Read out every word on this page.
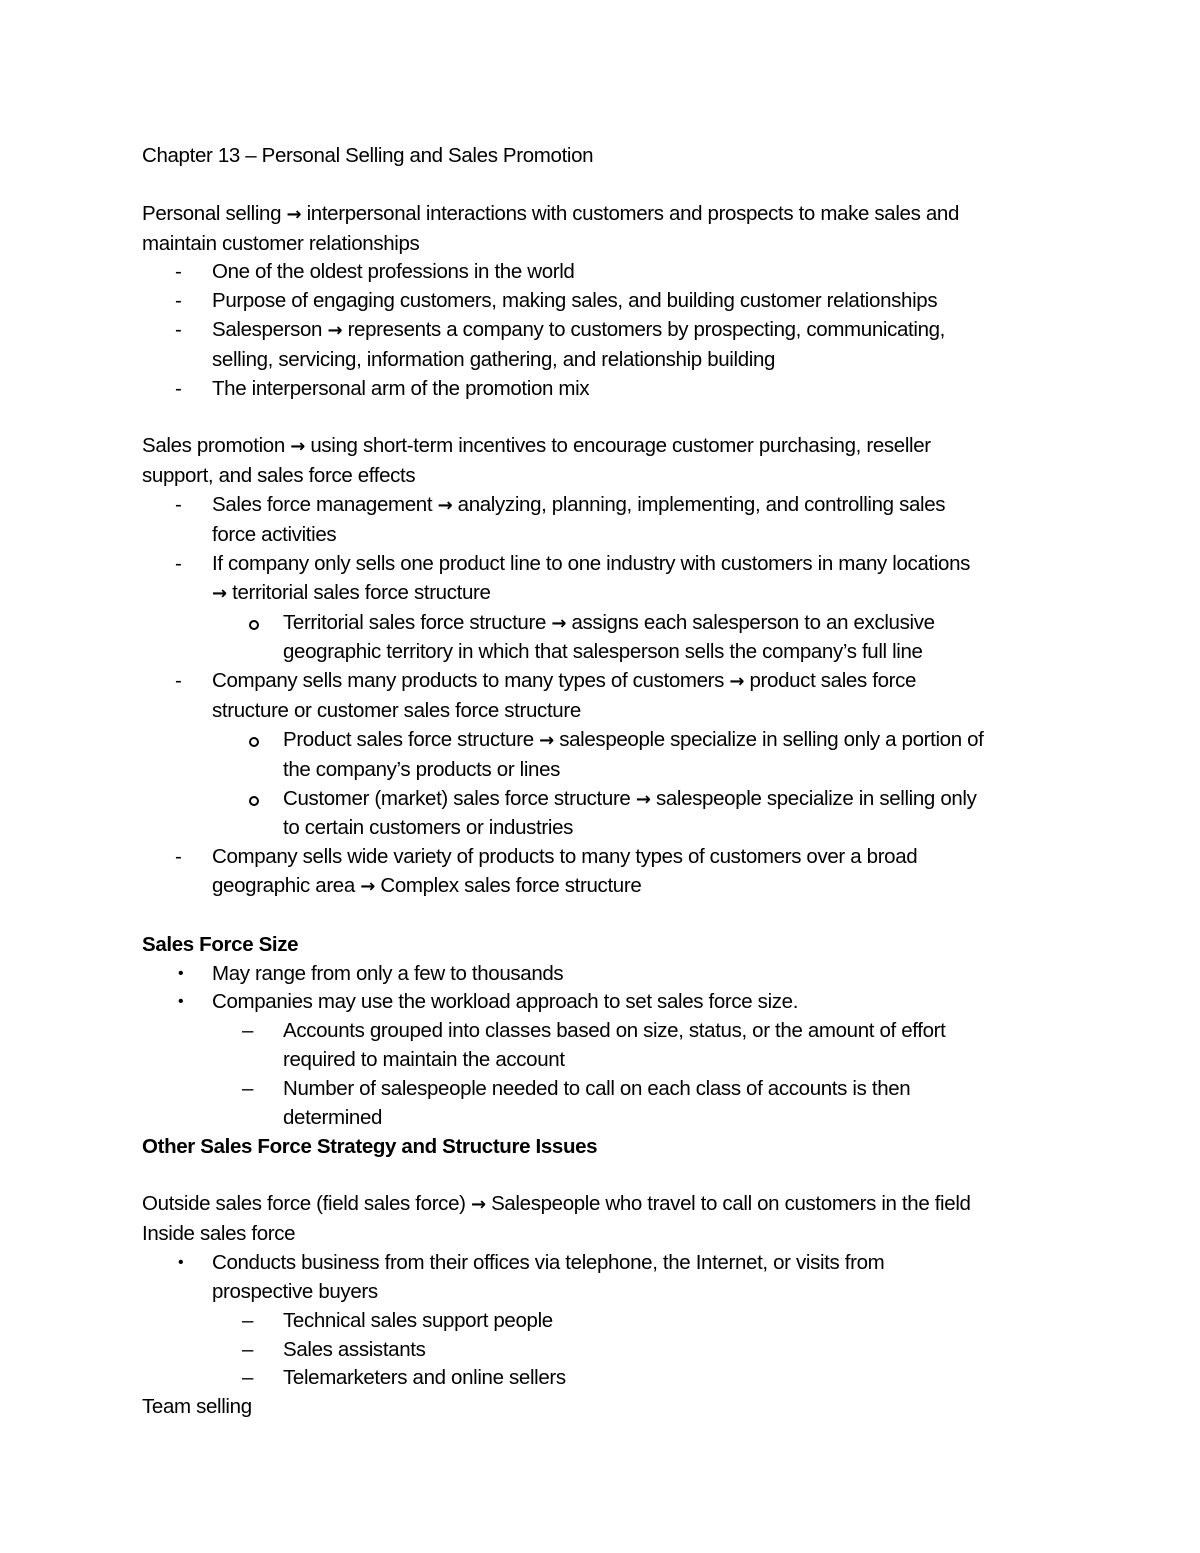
Chapter 13 – Personal Selling and Sales Promotion
Personal selling → interpersonal interactions with customers and prospects to make sales and
maintain customer relationships
- One of the oldest professions in the world
- Purpose of engaging customers, making sales, and building customer relationships
- Salesperson → represents a company to customers by prospecting, communicating,
selling, servicing, information gathering, and relationship building
- The interpersonal arm of the promotion mix
Sales promotion → using short-term incentives to encourage customer purchasing, reseller
support, and sales force effects
- Sales force management → analyzing, planning, implementing, and controlling sales
force activities
- If company only sells one product line to one industry with customers in many locations
→ territorial sales force structure
Territorial sales force structure → assigns each salesperson to an exclusive
geographic territory in which that salesperson sells the company’s full line
- Company sells many products to many types of customers → product sales force
structure or customer sales force structure
Product sales force structure → salespeople specialize in selling only a portion of
the company’s products or lines
Customer (market) sales force structure → salespeople specialize in selling only
to certain customers or industries
- Company sells wide variety of products to many types of customers over a broad
geographic area → Complex sales force structure
Sales Force Size
• May range from only a few to thousands
• Companies may use the workload approach to set sales force size.
– Accounts grouped into classes based on size, status, or the amount of effort
required to maintain the account
– Number of salespeople needed to call on each class of accounts is then
determined
Other Sales Force Strategy and Structure Issues
Outside sales force (field sales force) → Salespeople who travel to call on customers in the field
Inside sales force
• Conducts business from their offices via telephone, the Internet, or visits from
prospective buyers
– Technical sales support people
– Sales assistants
– Telemarketers and online sellers
Team selling
